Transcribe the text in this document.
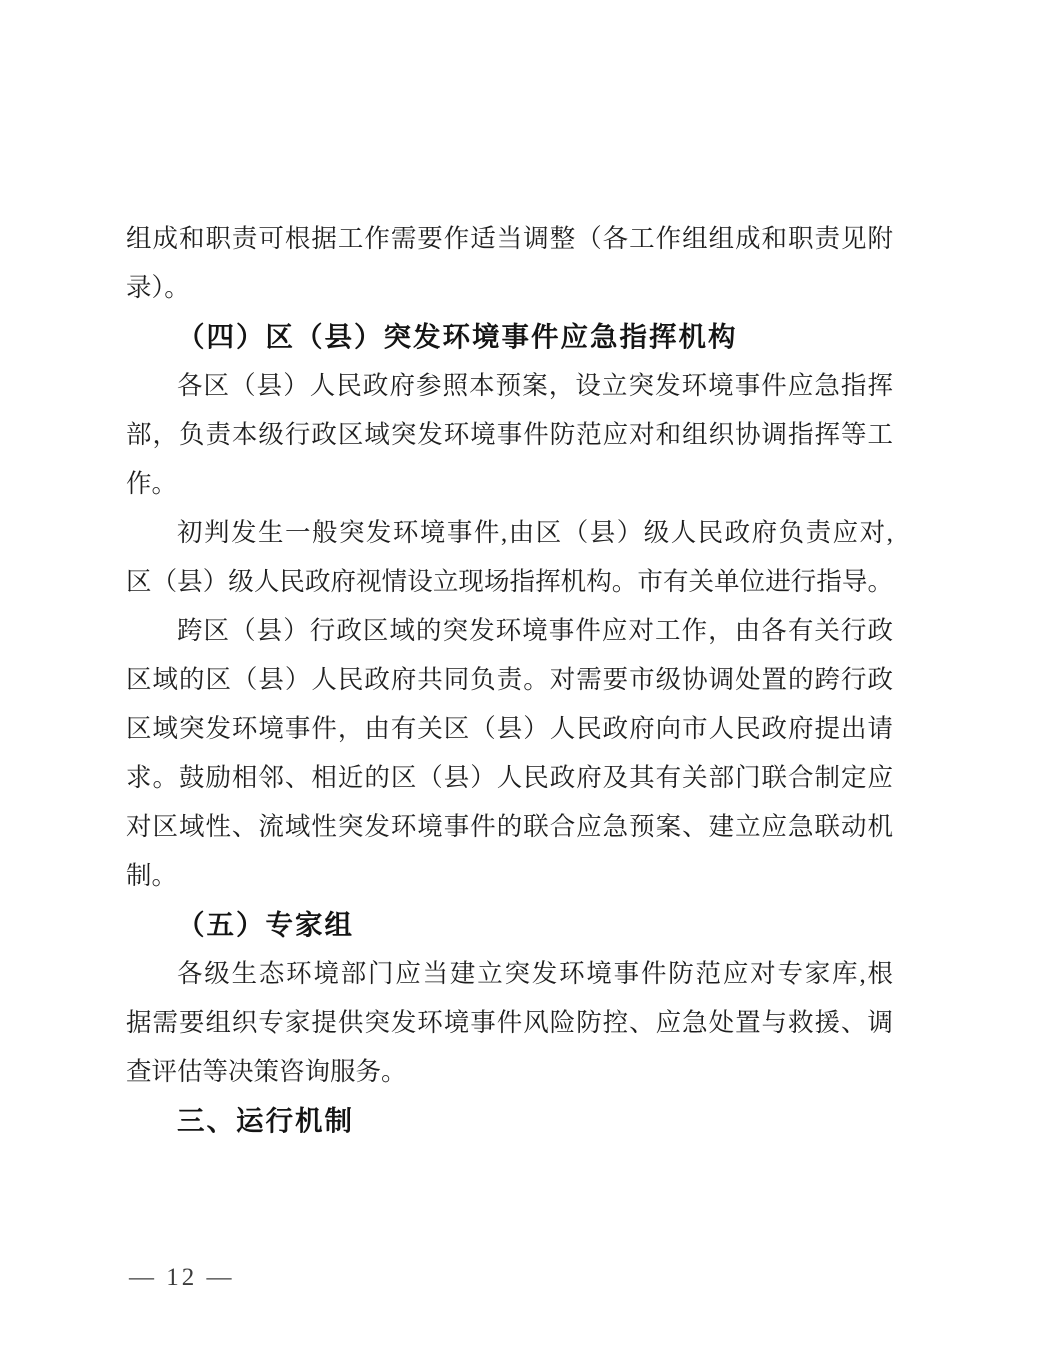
组成和职责可根据工作需要作适当调整（各工作组组成和职责见附
录）。
（四）区（县）突发环境事件应急指挥机构
各区（县）人民政府参照本预案，设立突发环境事件应急指挥
部，负责本级行政区域突发环境事件防范应对和组织协调指挥等工
作。
初判发生一般突发环境事件,由区（县）级人民政府负责应对,
区（县）级人民政府视情设立现场指挥机构。市有关单位进行指导。
跨区（县）行政区域的突发环境事件应对工作，由各有关行政
区域的区（县）人民政府共同负责。对需要市级协调处置的跨行政
区域突发环境事件，由有关区（县）人民政府向市人民政府提出请
求。鼓励相邻、相近的区（县）人民政府及其有关部门联合制定应
对区域性、流域性突发环境事件的联合应急预案、建立应急联动机
制。
（五）专家组
各级生态环境部门应当建立突发环境事件防范应对专家库,根
据需要组织专家提供突发环境事件风险防控、应急处置与救援、调
查评估等决策咨询服务。
三、运行机制
— 12 —
